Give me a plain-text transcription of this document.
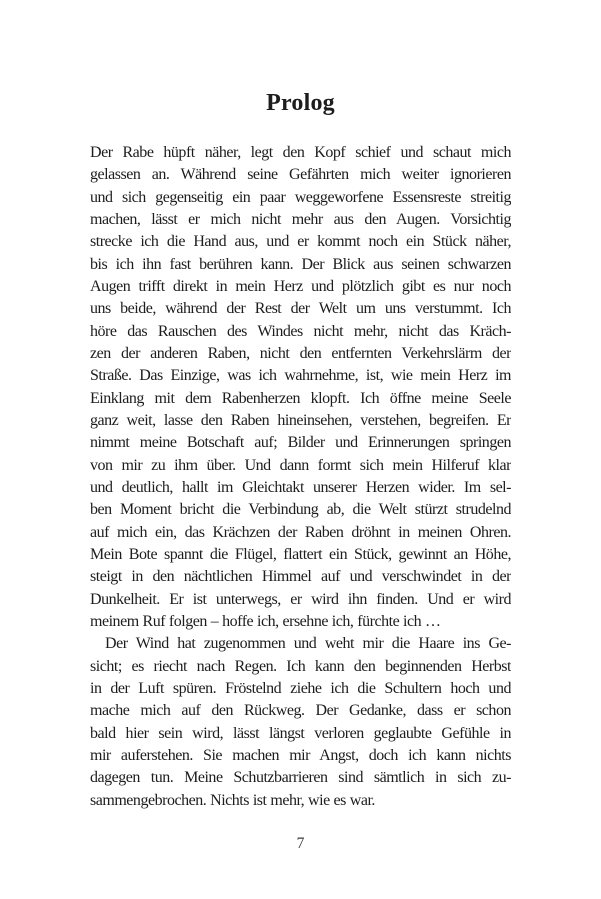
Prolog
Der Rabe hüpft näher, legt den Kopf schief und schaut mich
gelassen an. Während seine Gefährten mich weiter ignorieren
und sich gegenseitig ein paar weggeworfene Essensreste streitig
machen, lässt er mich nicht mehr aus den Augen. Vorsichtig
strecke ich die Hand aus, und er kommt noch ein Stück näher,
bis ich ihn fast berühren kann. Der Blick aus seinen schwarzen
Augen trifft direkt in mein Herz und plötzlich gibt es nur noch
uns beide, während der Rest der Welt um uns verstummt. Ich
höre das Rauschen des Windes nicht mehr, nicht das Kräch-
zen der anderen Raben, nicht den entfernten Verkehrslärm der
Straße. Das Einzige, was ich wahrnehme, ist, wie mein Herz im
Einklang mit dem Rabenherzen klopft. Ich öffne meine Seele
ganz weit, lasse den Raben hineinsehen, verstehen, begreifen. Er
nimmt meine Botschaft auf; Bilder und Erinnerungen springen
von mir zu ihm über. Und dann formt sich mein Hilferuf klar
und deutlich, hallt im Gleichtakt unserer Herzen wider. Im sel-
ben Moment bricht die Verbindung ab, die Welt stürzt strudelnd
auf mich ein, das Krächzen der Raben dröhnt in meinen Ohren.
Mein Bote spannt die Flügel, flattert ein Stück, gewinnt an Höhe,
steigt in den nächtlichen Himmel auf und verschwindet in der
Dunkelheit. Er ist unterwegs, er wird ihn finden. Und er wird
meinem Ruf folgen – hoffe ich, ersehne ich, fürchte ich …
Der Wind hat zugenommen und weht mir die Haare ins Ge-
sicht; es riecht nach Regen. Ich kann den beginnenden Herbst
in der Luft spüren. Fröstelnd ziehe ich die Schultern hoch und
mache mich auf den Rückweg. Der Gedanke, dass er schon
bald hier sein wird, lässt längst verloren geglaubte Gefühle in
mir auferstehen. Sie machen mir Angst, doch ich kann nichts
dagegen tun. Meine Schutzbarrieren sind sämtlich in sich zu-
sammengebrochen. Nichts ist mehr, wie es war.
7
